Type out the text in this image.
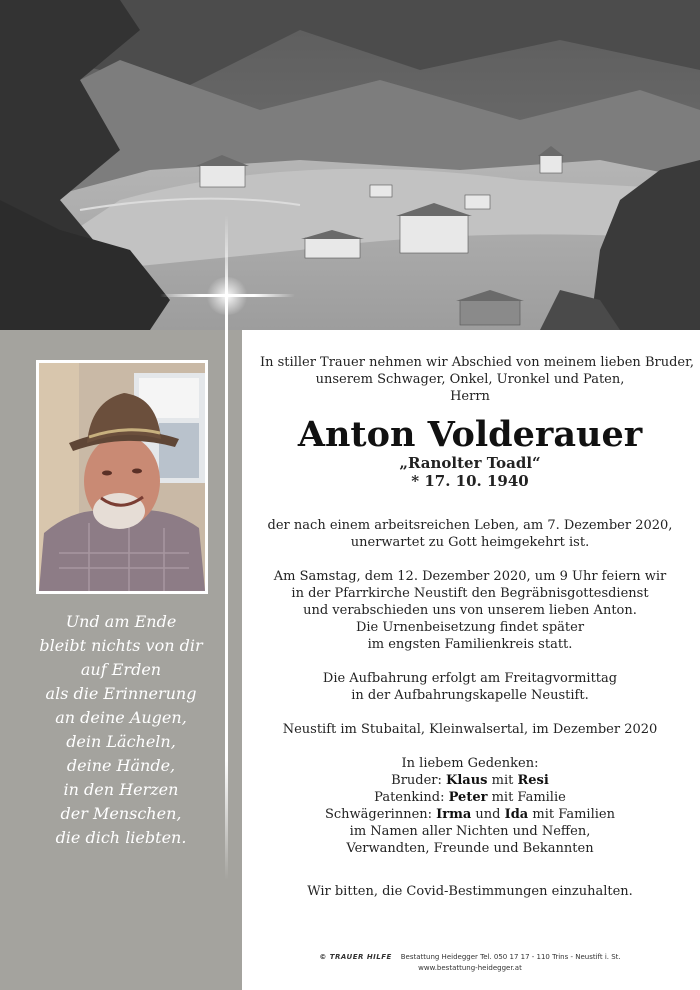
Und am Ende
bleibt nichts von dir
auf Erden
als die Erinnerung
an deine Augen,
dein Lächeln,
deine Hände,
in den Herzen
der Menschen,
die dich liebten.
In stiller Trauer nehmen wir Abschied von meinem lieben Bruder,
unserem Schwager, Onkel, Uronkel und Paten,
Herrn
Anton Volderauer
„Ranolter Toadl“
* 17. 10. 1940
der nach einem arbeitsreichen Leben, am 7. Dezember 2020,
unerwartet zu Gott heimgekehrt ist.
Am Samstag, dem 12. Dezember 2020, um 9 Uhr feiern wir
in der Pfarrkirche Neustift den Begräbnisgottesdienst
und verabschieden uns von unserem lieben Anton.
Die Urnenbeisetzung findet später
im engsten Familienkreis statt.
Die Aufbahrung erfolgt am Freitagvormittag
in der Aufbahrungskapelle Neustift.
Neustift im Stubaital, Kleinwalsertal, im Dezember 2020
In liebem Gedenken:
Bruder: Klaus mit Resi
Patenkind: Peter mit Familie
Schwägerinnen: Irma und Ida mit Familien
im Namen aller Nichten und Neffen,
Verwandten, Freunde und Bekannten
Wir bitten, die Covid-Bestimmungen einzuhalten.
© TRAUER HILFE Bestattung Heidegger Tel. 050 17 17 - 110 Trins - Neustift i. St.
www.bestattung-heidegger.at
